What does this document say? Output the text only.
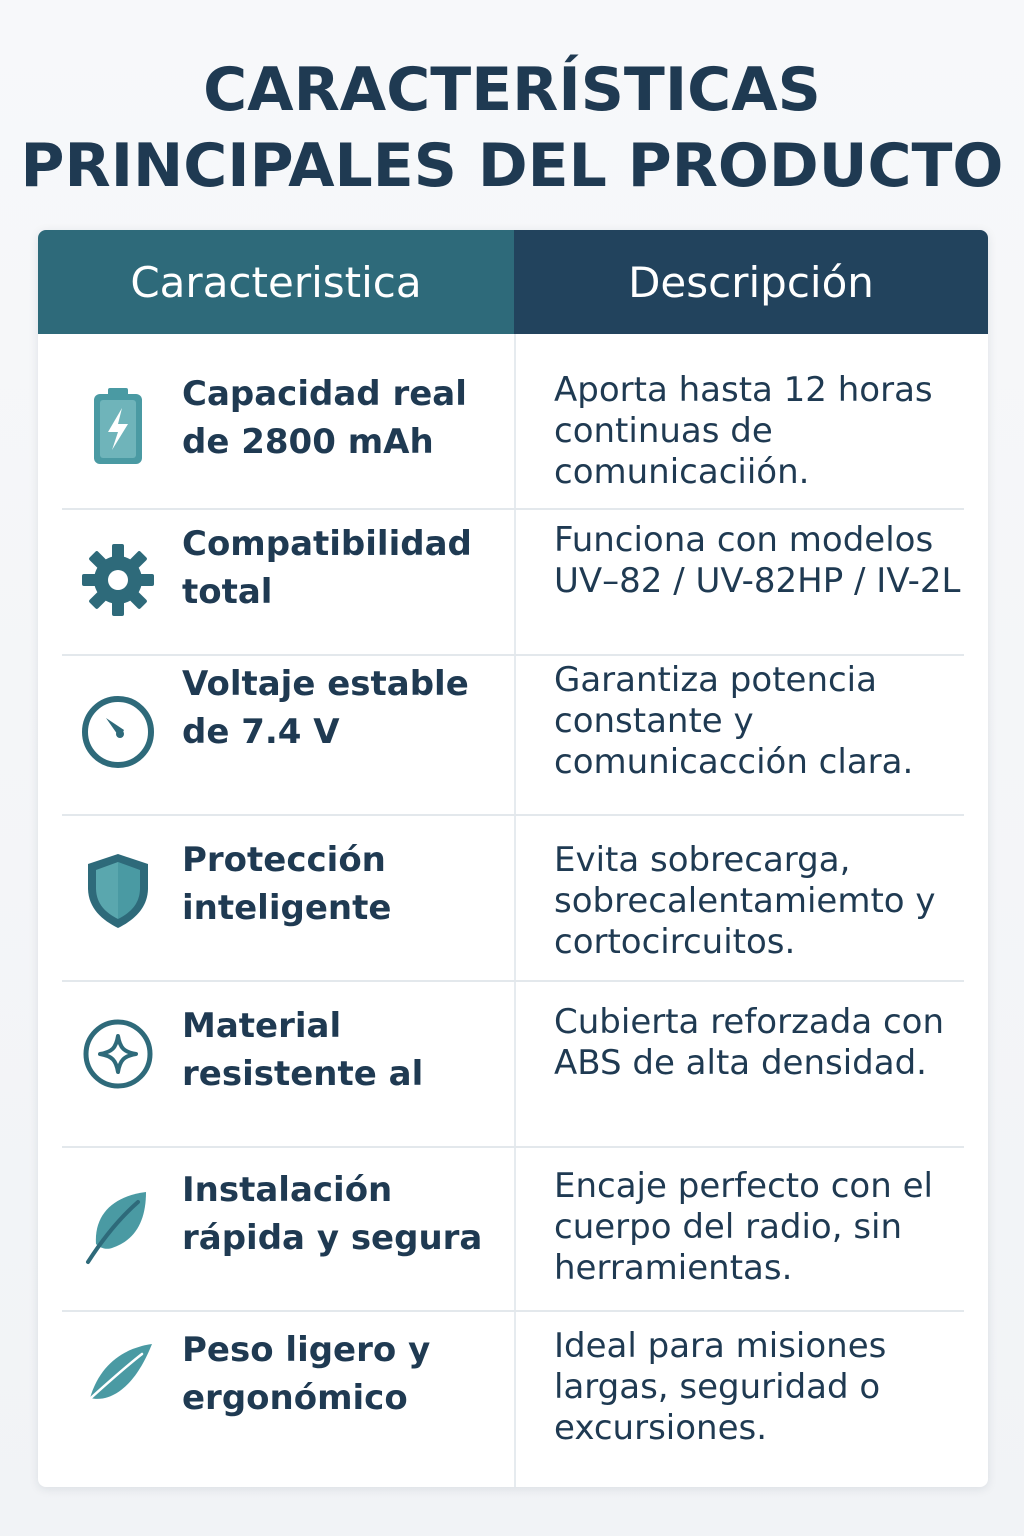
CARACTERÍSTICAS
PRINCIPALES DEL PRODUCTO
Caracteristica	Descripción
Capacidad real de 2800 mAh
Aporta hasta 12 horas continuas de comunicaciión.
Compatibilidad total
Funciona con modelos UV–82 / UV-82HP / IV-2L
Voltaje estable de 7.4 V
Garantiza potencia constante y comunicacción clara.
Protección inteligente
Evita sobrecarga, sobrecalentamiemto y cortocircuitos.
Material resistente al
Cubierta reforzada con ABS de alta densidad.
Instalación rápida y segura
Encaje perfecto con el cuerpo del radio, sin herramientas.
Peso ligero y ergonómico
Ideal para misiones largas, seguridad o excursiones.
